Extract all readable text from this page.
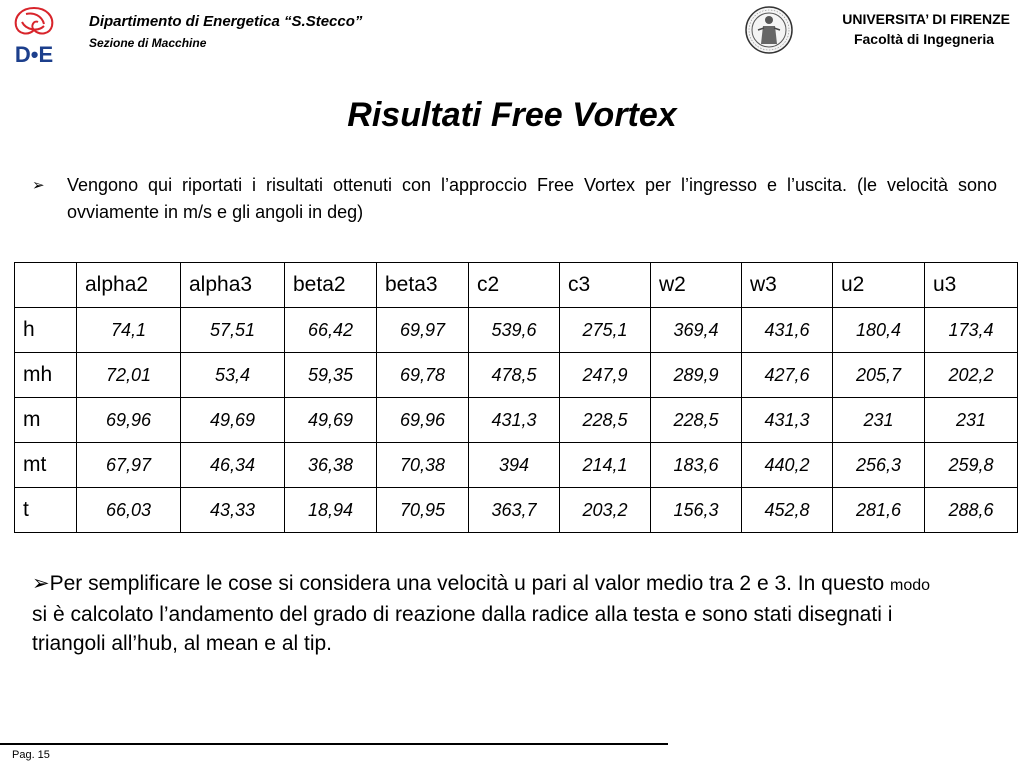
D•E
Dipartimento di Energetica “S.Stecco”
Sezione di Macchine
UNIVERSITA’ DI FIRENZE
Facoltà di Ingegneria
Risultati Free Vortex
➢ Vengono qui riportati i risultati ottenuti con l’approccio Free Vortex per l’ingresso e l’uscita. (le velocità sono ovviamente in m/s e gli angoli in deg)
	alpha2	alpha3	beta2	beta3	c2	c3	w2	w3	u2	u3
h	74,1	57,51	66,42	69,97	539,6	275,1	369,4	431,6	180,4	173,4
mh	72,01	53,4	59,35	69,78	478,5	247,9	289,9	427,6	205,7	202,2
m	69,96	49,69	49,69	69,96	431,3	228,5	228,5	431,3	231	231
mt	67,97	46,34	36,38	70,38	394	214,1	183,6	440,2	256,3	259,8
t	66,03	43,33	18,94	70,95	363,7	203,2	156,3	452,8	281,6	288,6
➢Per semplificare le cose si considera una velocità u pari al valor medio tra 2 e 3. In questo modo si è calcolato l’andamento del grado di reazione dalla radice alla testa e sono stati disegnati i triangoli all’hub, al mean e al tip.
Pag. 15
